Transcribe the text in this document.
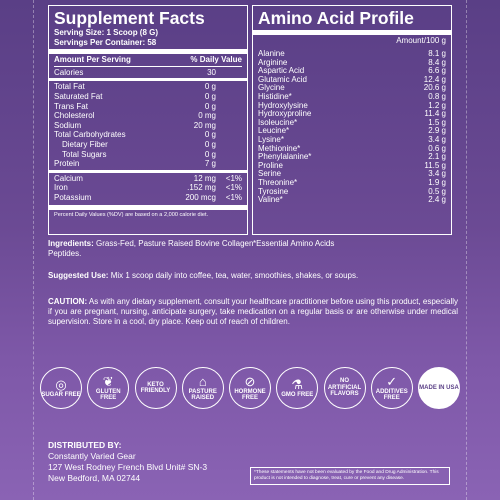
Supplement Facts
Serving Size: 1 Scoop (8 G)
Servings Per Container: 58
Amount Per Serving	% Daily Value
Calories	30
Total Fat	0 g
Saturated Fat	0 g
Trans Fat	0 g
Cholesterol	0 mg
Sodium	20 mg
Total Carbohydrates	0 g
Dietary Fiber	0 g
Total Sugars	0 g
Protein	7 g
Calcium	12 mg	<1%
Iron	.152 mg	<1%
Potassium	200 mcg	<1%
Percent Daily Values (%DV) are based on a 2,000 calorie diet.
Amino Acid Profile
Amount/100 g
Alanine	8.1 g
Arginine	8.4 g
Aspartic Acid	6.6 g
Glutamic Acid	12.4 g
Glycine	20.6 g
Histidine*	0.8 g
Hydroxylysine	1.2 g
Hydroxyproline	11.4 g
Isoleucine*	1.5 g
Leucine*	2.9 g
Lysine*	3.4 g
Methionine*	0.6 g
Phenylalanine*	2.1 g
Proline	11.5 g
Serine	3.4 g
Threonine*	1.9 g
Tyrosine	0.5 g
Valine*	2.4 g
Ingredients: Grass-Fed, Pasture Raised Bovine Collagen Peptides.
*Essential Amino Acids
Suggested Use: Mix 1 scoop daily into coffee, tea, water, smoothies, shakes, or soups.
CAUTION: As with any dietary supplement, consult your healthcare practitioner before using this product, especially if you are pregnant, nursing, anticipate surgery, take medication on a regular basis or are otherwise under medical supervision. Store in a cool, dry place. Keep out of reach of children.
◎
SUGAR FREE
❦
GLUTEN FREE
KETO FRIENDLY
⌂
PASTURE RAISED
⊘
HORMONE FREE
⚗
GMO FREE
NO ARTIFICIAL FLAVORS
✓
ADDITIVES FREE
MADE IN USA
DISTRIBUTED BY:
Constantly Varied Gear
127 West Rodney French Blvd Unit# SN-3
New Bedford, MA 02744
*These statements have not been evaluated by the Food and Drug Administration. This product is not intended to diagnose, treat, cure or prevent any disease.
